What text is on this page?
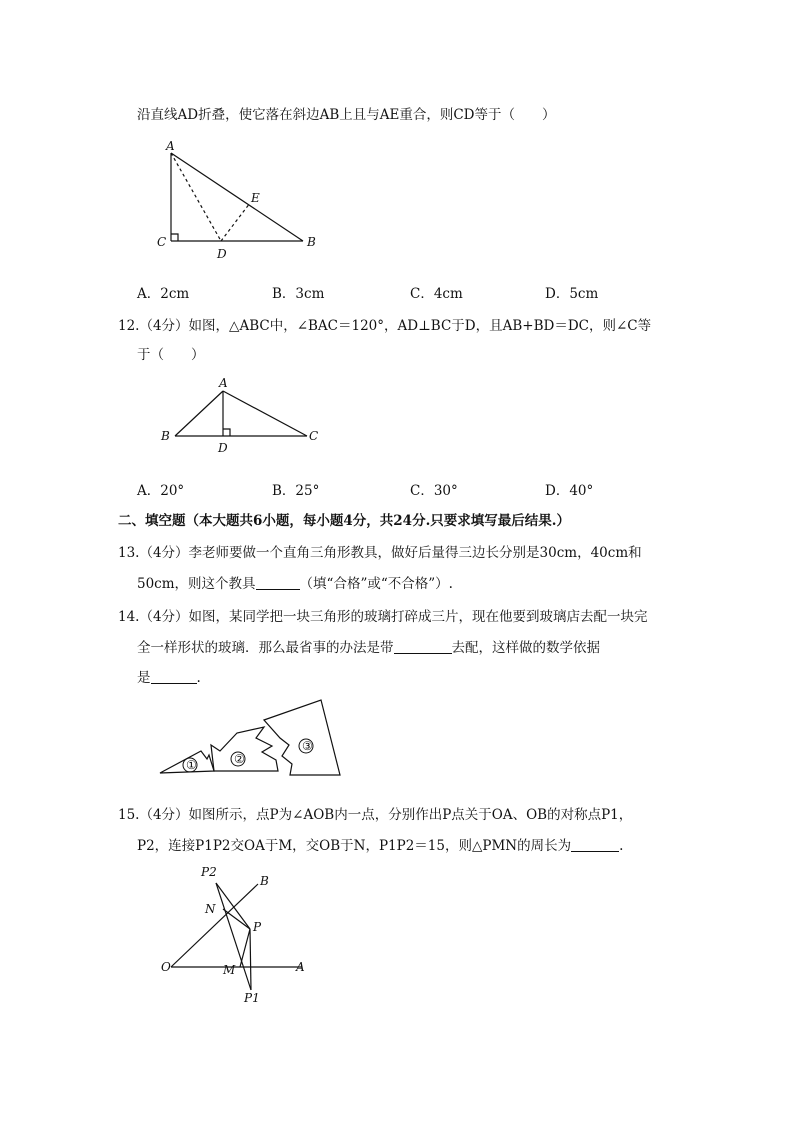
沿直线AD折叠，使它落在斜边AB上且与AE重合，则CD等于（　　）
A
E
C
D
B
A
B
D
C
①	②
③
P2
B
N
P
O	M	A
P1
A．2cm	B．3cm	C．4cm	D．5cm
12.（4分）如图，△ABC中，∠BAC＝120°，AD⊥BC于D，且AB+BD＝DC，则∠C等
于（　　）
A．20°	B．25°	C．30°	D．40°
二、填空题（本大题共6小题，每小题4分，共24分.只要求填写最后结果.）
13.（4分）李老师要做一个直角三角形教具，做好后量得三边长分别是30cm，40cm和
50cm，则这个教具	（填“合格”或“不合格”）.
14.（4分）如图，某同学把一块三角形的玻璃打碎成三片，现在他要到玻璃店去配一块完
全一样形状的玻璃．那么最省事的办法是带	去配，这样做的数学依据
是	.
15.（4分）如图所示，点P为∠AOB内一点，分别作出P点关于OA、OB的对称点P1，
P2，连接P1P2交OA于M，交OB于N，P1P2＝15，则△PMN的周长为	.
